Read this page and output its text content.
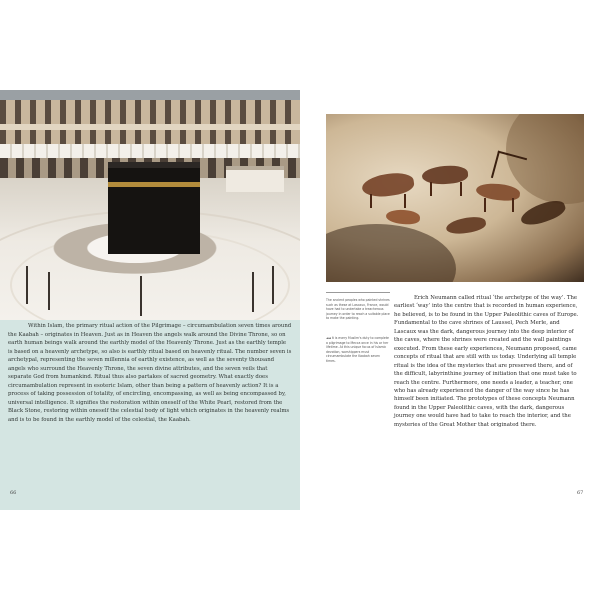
Within Islam, the primary ritual action of the Pilgrimage – circumambulation seven times around the Kaabah – originates in Heaven. Just as in Heaven the angels walk around the Divine Throne, so on earth human beings walk around the earthly model of the Heavenly Throne. Just as the earthly temple is based on a heavenly archetype, so also is earthly ritual based on heavenly ritual. The number seven is archetypal, representing the seven millennia of earthly existence, as well as the seventy thousand angels who surround the Heavenly Throne, the seven divine attributes, and the seven veils that separate God from humankind. Ritual thus also partakes of sacred geometry. What exactly does circumambulation represent in esoteric Islam, other than being a pattern of heavenly action? It is a process of taking possession of totality, of encircling, encompassing, as well as being encompassed by, universal intelligence. It signifies the restoration within oneself of the White Pearl, restored from the Black Stone, restoring within oneself the celestial body of light which originates in the heavenly realms and is to be found in the earthly model of the celestial, the Kaabah.

The ancient peoples who painted shrines such as these at Lascaux, France, would have had to undertake a treacherous journey in order to reach a suitable place to make the painting.

◄◄ It is every Muslim's duty to complete a pilgrimage to Mecca once in his or her lifetime. At this unique focus of Islamic devotion, worshippers must circumambulate the Kaabah seven times.

Erich Neumann called ritual ‘the archetype of the way’. The earliest ‘way’ into the centre that is recorded in human experience, he believed, is to be found in the Upper Paleolithic caves of Europe. Fundamental to the cave shrines of Laussel, Pech Merle, and Lascaux was the dark, dangerous journey into the deep interior of the caves, where the shrines were created and the wall paintings executed. From these early experiences, Neumann proposed, came concepts of ritual that are still with us today. Underlying all temple ritual is the idea of the mysteries that are preserved there, and of the difficult, labyrinthine journey of initiation that one must take to reach the centre. Furthermore, one needs a leader, a teacher, one who has already experienced the danger of the way since he has himself been initiated. The prototypes of these concepts Neumann found in the Upper Paleolithic caves, with the dark, dangerous journey one would have had to take to reach the interior, and the mysteries of the Great Mother that originated there.

66	67
